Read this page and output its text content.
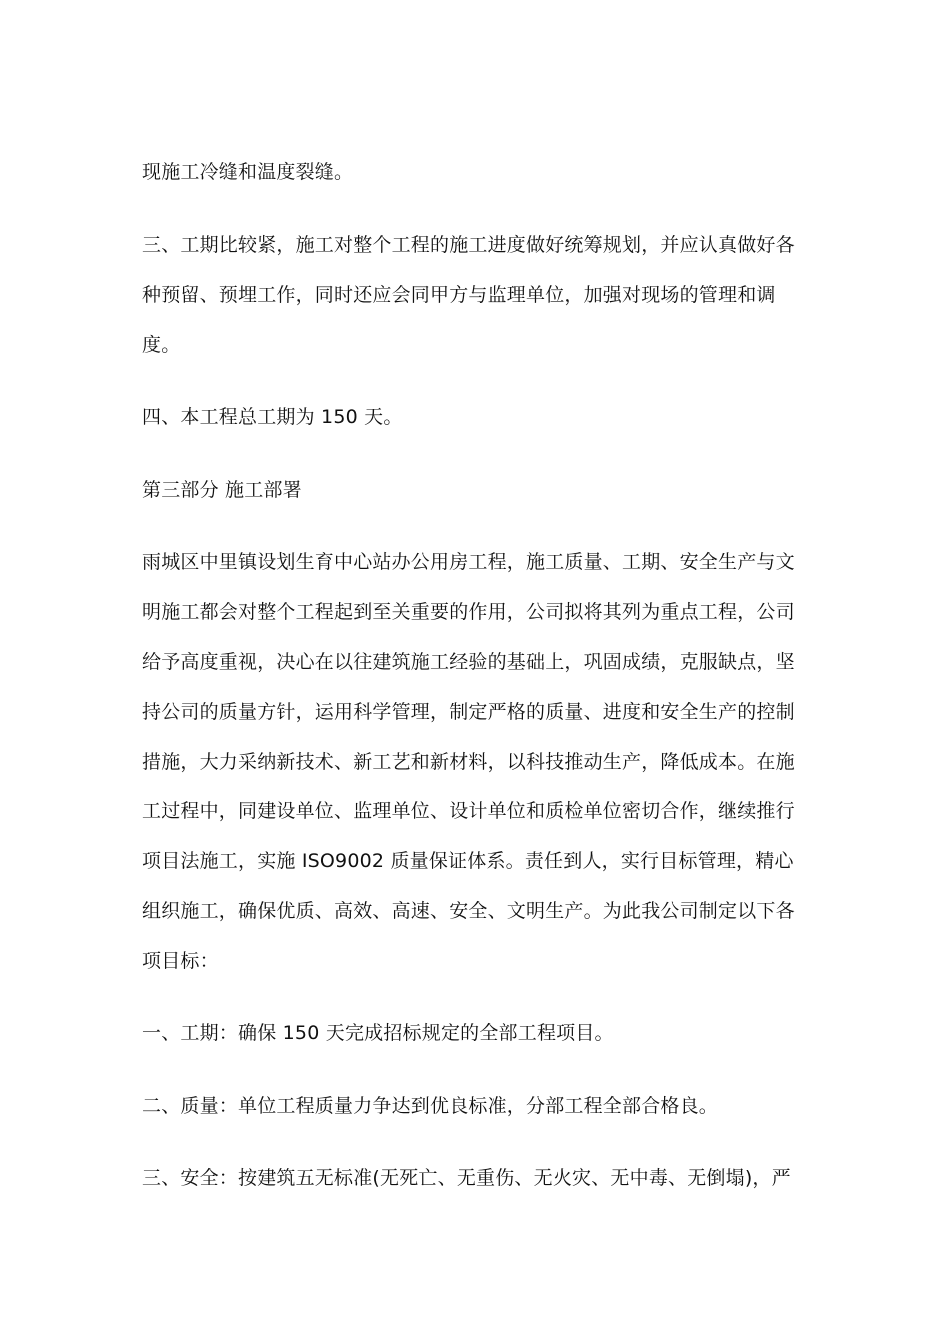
现施工冷缝和温度裂缝。
三、工期比较紧，施工对整个工程的施工进度做好统筹规划，并应认真做好各
种预留、预埋工作，同时还应会同甲方与监理单位，加强对现场的管理和调
度。
四、本工程总工期为 150 天。
第三部分 施工部署
雨城区中里镇设划生育中心站办公用房工程，施工质量、工期、安全生产与文
明施工都会对整个工程起到至关重要的作用，公司拟将其列为重点工程，公司
给予高度重视，决心在以往建筑施工经验的基础上，巩固成绩，克服缺点，坚
持公司的质量方针，运用科学管理，制定严格的质量、进度和安全生产的控制
措施，大力采纳新技术、新工艺和新材料，以科技推动生产，降低成本。在施
工过程中，同建设单位、监理单位、设计单位和质检单位密切合作，继续推行
项目法施工，实施 ISO9002 质量保证体系。责任到人，实行目标管理，精心
组织施工，确保优质、高效、高速、安全、文明生产。为此我公司制定以下各
项目标：
一、工期：确保 150 天完成招标规定的全部工程项目。
二、质量：单位工程质量力争达到优良标准，分部工程全部合格良。
三、安全：按建筑五无标准(无死亡、无重伤、无火灾、无中毒、无倒塌)，严
